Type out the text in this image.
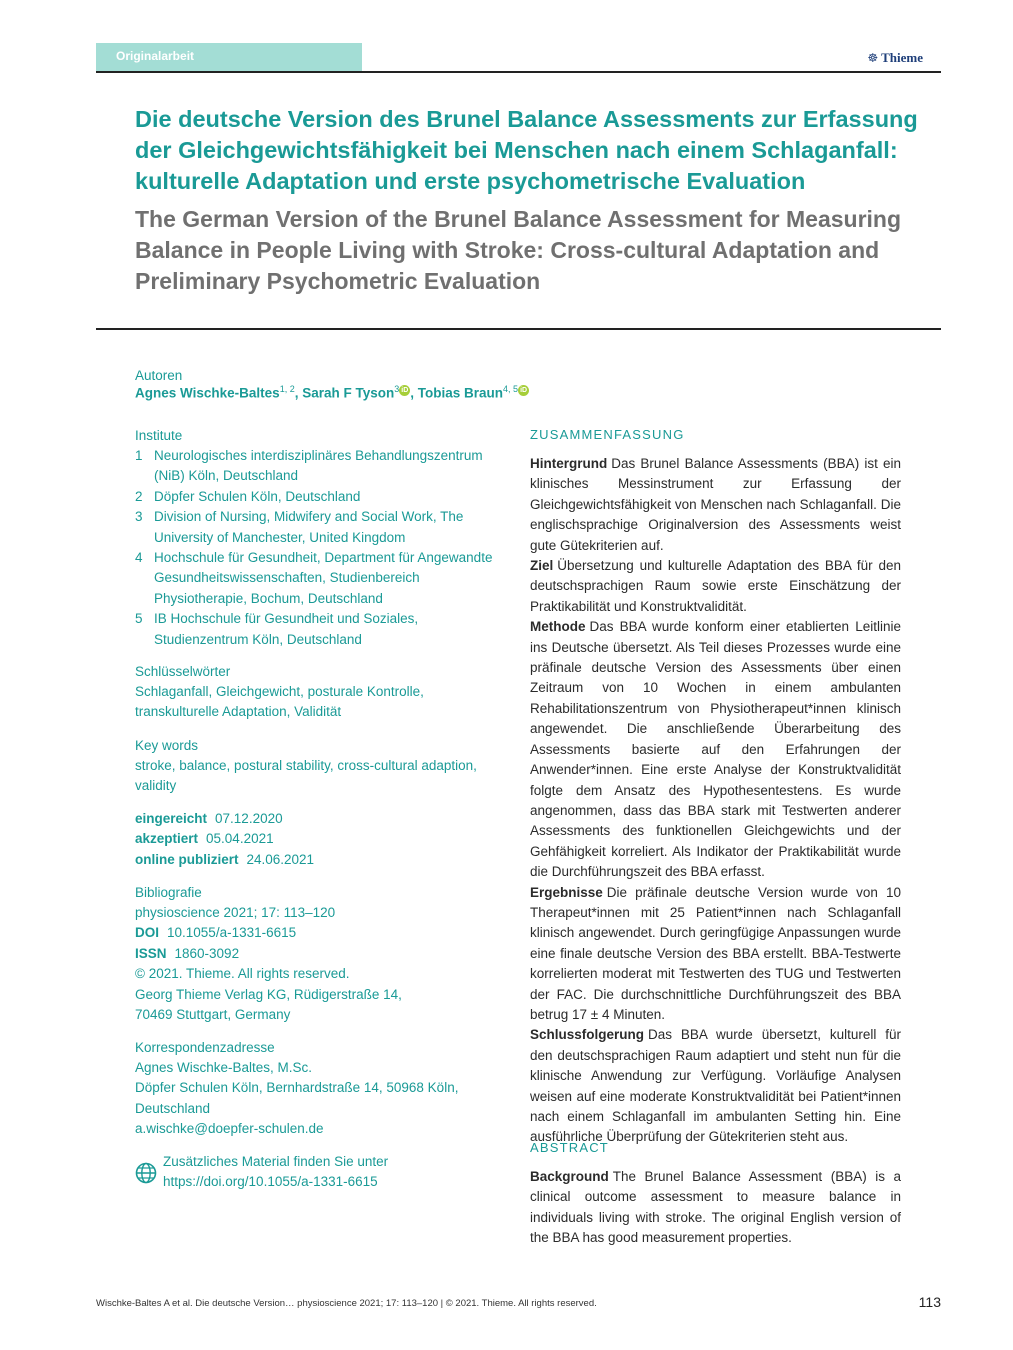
Originalarbeit	☸ Thieme
Die deutsche Version des Brunel Balance Assessments zur Erfassung der Gleichgewichtsfähigkeit bei Menschen nach einem Schlaganfall: kulturelle Adaptation und erste psychometrische Evaluation
The German Version of the Brunel Balance Assessment for Measuring Balance in People Living with Stroke: Cross-cultural Adaptation and Preliminary Psychometric Evaluation
Autoren
Agnes Wischke-Baltes$^{1, 2}$, Sarah F Tyson$^3$ iD , Tobias Braun$^{4, 5}$ iD
Institute
1 Neurologisches interdisziplinäres Behandlungszentrum (NiB) Köln, Deutschland
2 Döpfer Schulen Köln, Deutschland
3 Division of Nursing, Midwifery and Social Work, The University of Manchester, United Kingdom
4 Hochschule für Gesundheit, Department für Angewandte Gesundheitswissenschaften, Studienbereich Physiotherapie, Bochum, Deutschland
5 IB Hochschule für Gesundheit und Soziales, Studienzentrum Köln, Deutschland
Schlüsselwörter
Schlaganfall, Gleichgewicht, posturale Kontrolle, transkulturelle Adaptation, Validität
Key words
stroke, balance, postural stability, cross-cultural adaption, validity
eingereicht 07.12.2020
akzeptiert 05.04.2021
online publiziert 24.06.2021
Bibliografie
physioscience 2021; 17: 113–120
DOI 10.1055/a-1331-6615
ISSN 1860-3092
© 2021. Thieme. All rights reserved.
Georg Thieme Verlag KG, Rüdigerstraße 14,
70469 Stuttgart, Germany
Korrespondenzadresse
Agnes Wischke-Baltes, M.Sc.
Döpfer Schulen Köln, Bernhardstraße 14, 50968 Köln, Deutschland
a.wischke@doepfer-schulen.de
Zusätzliches Material finden Sie unter
https://doi.org/10.1055/a-1331-6615
ZUSAMMENFASSUNG

Hintergrund Das Brunel Balance Assessments (BBA) ist ein klinisches Messinstrument zur Erfassung der Gleichgewichtsfähigkeit von Menschen nach Schlaganfall. Die englischsprachige Originalversion des Assessments weist gute Gütekriterien auf.

Ziel Übersetzung und kulturelle Adaptation des BBA für den deutschsprachigen Raum sowie erste Einschätzung der Praktikabilität und Konstruktvalidität.

Methode Das BBA wurde konform einer etablierten Leitlinie ins Deutsche übersetzt. Als Teil dieses Prozesses wurde eine präfinale deutsche Version des Assessments über einen Zeitraum von 10 Wochen in einem ambulanten Rehabilitationszentrum von Physiotherapeut*innen klinisch angewendet. Die anschließende Überarbeitung des Assessments basierte auf den Erfahrungen der Anwender*innen. Eine erste Analyse der Konstruktvalidität folgte dem Ansatz des Hypothesentestens. Es wurde angenommen, dass das BBA stark mit Testwerten anderer Assessments des funktionellen Gleichgewichts und der Gehfähigkeit korreliert. Als Indikator der Praktikabilität wurde die Durchführungszeit des BBA erfasst.

Ergebnisse Die präfinale deutsche Version wurde von 10 Therapeut*innen mit 25 Patient*innen nach Schlaganfall klinisch angewendet. Durch geringfügige Anpassungen wurde eine finale deutsche Version des BBA erstellt. BBA-Testwerte korrelierten moderat mit Testwerten des TUG und Testwerten der FAC. Die durchschnittliche Durchführungszeit des BBA betrug 17 ± 4 Minuten.

Schlussfolgerung Das BBA wurde übersetzt, kulturell für den deutschsprachigen Raum adaptiert und steht nun für die klinische Anwendung zur Verfügung. Vorläufige Analysen weisen auf eine moderate Konstruktvalidität bei Patient*innen nach einem Schlaganfall im ambulanten Setting hin. Eine ausführliche Überprüfung der Gütekriterien steht aus.

ABSTRACT

Background The Brunel Balance Assessment (BBA) is a clinical outcome assessment to measure balance in individuals living with stroke. The original English version of the BBA has good measurement properties.

Wischke-Baltes A et al. Die deutsche Version… physioscience 2021; 17: 113–120 | © 2021. Thieme. All rights reserved.	113
